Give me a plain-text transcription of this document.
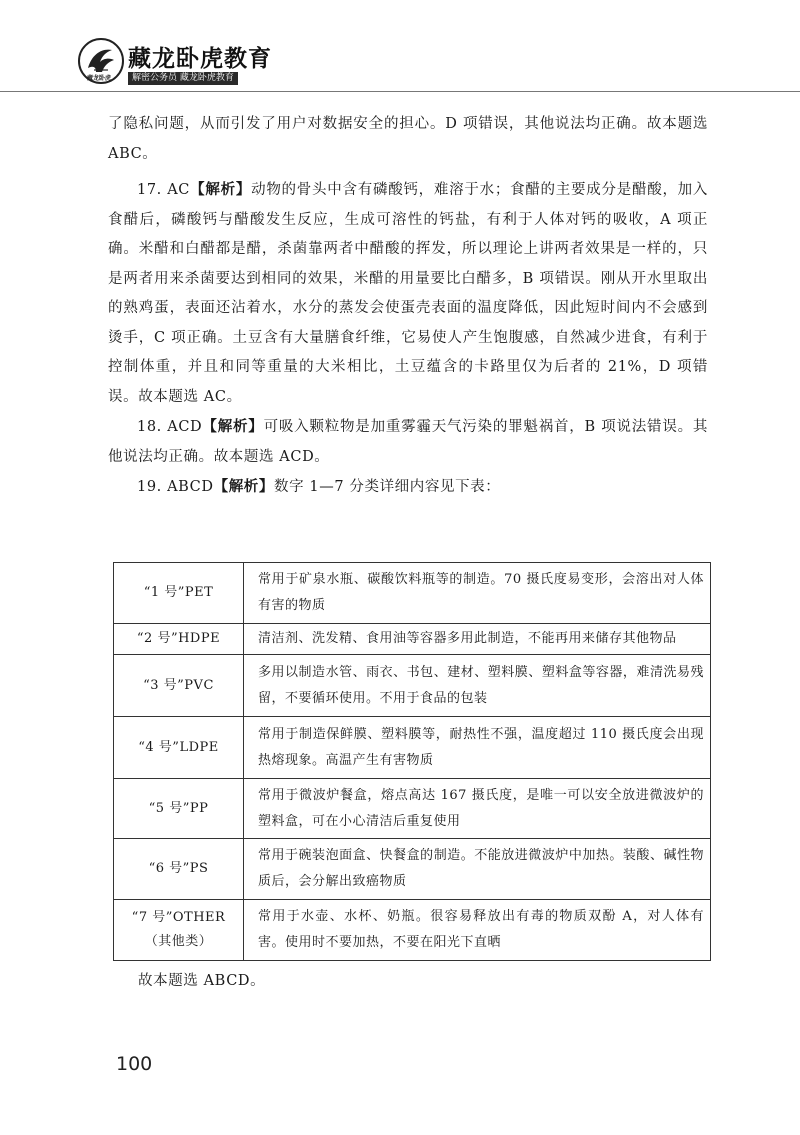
藏龙卧虎
藏龙卧虎教育
解密公务员 藏龙卧虎教育

了隐私问题，从而引发了用户对数据安全的担心。D 项错误，其他说法均正确。故本题选 ABC。

17. AC【解析】动物的骨头中含有磷酸钙，难溶于水；食醋的主要成分是醋酸，加入食醋后，磷酸钙与醋酸发生反应，生成可溶性的钙盐，有利于人体对钙的吸收，A 项正确。米醋和白醋都是醋，杀菌靠两者中醋酸的挥发，所以理论上讲两者效果是一样的，只是两者用来杀菌要达到相同的效果，米醋的用量要比白醋多，B 项错误。刚从开水里取出的熟鸡蛋，表面还沾着水，水分的蒸发会使蛋壳表面的温度降低，因此短时间内不会感到烫手，C 项正确。土豆含有大量膳食纤维，它易使人产生饱腹感，自然减少进食，有利于控制体重，并且和同等重量的大米相比，土豆蕴含的卡路里仅为后者的 21%，D 项错误。故本题选 AC。

18. ACD【解析】可吸入颗粒物是加重雾霾天气污染的罪魁祸首，B 项说法错误。其他说法均正确。故本题选 ACD。

19. ABCD【解析】数字 1—7 分类详细内容见下表：

“1 号”PET	常用于矿泉水瓶、碳酸饮料瓶等的制造。70 摄氏度易变形，会溶出对人体有害的物质
“2 号”HDPE	清洁剂、洗发精、食用油等容器多用此制造，不能再用来储存其他物品
“3 号”PVC	多用以制造水管、雨衣、书包、建材、塑料膜、塑料盒等容器，难清洗易残留，不要循环使用。不用于食品的包装
“4 号”LDPE	常用于制造保鲜膜、塑料膜等，耐热性不强，温度超过 110 摄氏度会出现热熔现象。高温产生有害物质
“5 号”PP	常用于微波炉餐盒，熔点高达 167 摄氏度，是唯一可以安全放进微波炉的塑料盒，可在小心清洁后重复使用
“6 号”PS	常用于碗装泡面盒、快餐盒的制造。不能放进微波炉中加热。装酸、碱性物质后，会分解出致癌物质

“7 号”OTHER
（其他类）	常用于水壶、水杯、奶瓶。很容易释放出有毒的物质双酚 A，对人体有害。使用时不要加热，不要在阳光下直晒
故本题选 ABCD。
100
